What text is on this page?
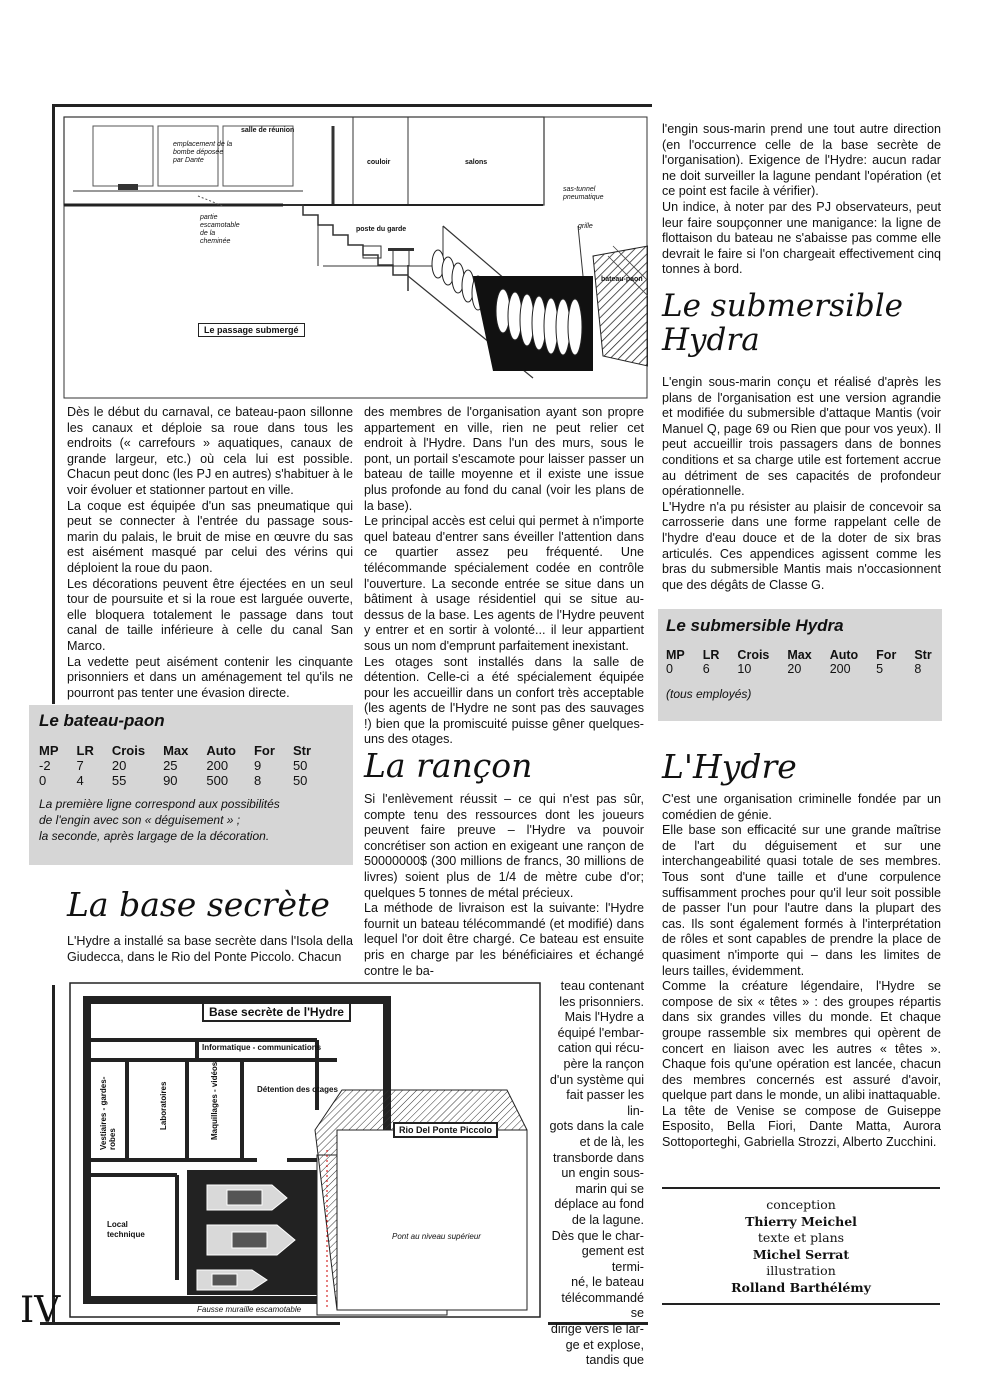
IV
salle de réunion
emplacement de la bombe déposée par Dante	couloir	salons
sas-tunnel pneumatique
partie escamotable de la cheminée
poste du garde	grille
bateau-paon
Le passage submergé

Dès le début du carnaval, ce bateau-paon sillonne les canaux et déploie sa roue dans tous les endroits (« carrefours » aquatiques, canaux de grande largeur, etc.) où cela lui est possible. Chacun peut donc (les PJ en autres) s'habituer à le voir évoluer et stationner partout en ville.

La coque est équipée d'un sas pneumatique qui peut se connecter à l'entrée du passage sous-marin du palais, le bruit de mise en œuvre du sas est aisément masqué par celui des vérins qui déploient la roue du paon.

Les décorations peuvent être éjectées en un seul tour de poursuite et si la roue est larguée ouverte, elle bloquera totalement le passage dans tout canal de taille inférieure à celle du canal San Marco.

La vedette peut aisément contenir les cinquante prisonniers et dans un aménagement tel qu'ils ne pourront pas tenter une évasion directe.

Le bateau-paon
MP	LR	Crois	Max	Auto	For	Str
-2	7	20	25	200	9	50
0	4	55	90	500	8	50

La première ligne correspond aux possibilités

de l'engin avec son « déguisement » ;

la seconde, après largage de la décoration.

La base secrète
L'Hydre a installé sa base secrète dans l'Isola della Giudecca, dans le Rio del Ponte Piccolo. Chacun

des membres de l'organisation ayant son propre appartement en ville, rien ne peut relier cet endroit à l'Hydre. Dans l'un des murs, sous le pont, un portail s'escamote pour laisser passer un bateau de taille moyenne et il existe une issue plus profonde au fond du canal (voir les plans de la base).

Le principal accès est celui qui permet à n'importe quel bateau d'entrer sans éveiller l'attention dans ce quartier assez peu fréquenté. Une télécommande spécialement codée en contrôle l'ouverture. La seconde entrée se situe dans un bâtiment à usage résidentiel qui se situe au-dessus de la base. Les agents de l'Hydre peuvent y entrer et en sortir à volonté... il leur appartient sous un nom d'emprunt parfaitement inexistant.

Les otages sont installés dans la salle de détention. Celle-ci a été spécialement équipée pour les accueillir dans un confort très acceptable (les agents de l'Hydre ne sont pas des sauvages !) bien que la promiscuité puisse gêner quelques-uns des otages.

La rançon

Si l'enlèvement réussit – ce qui n'est pas sûr, compte tenu des ressources dont les joueurs peuvent faire preuve – l'Hydre va pouvoir concrétiser son action en exigeant une rançon de 50000000$ (300 millions de francs, 30 millions de livres) soient plus de 1/4 de mètre cube d'or; quelques 5 tonnes de métal précieux.

La méthode de livraison est la suivante: l'Hydre fournit un bateau télécommandé (et modifié) dans lequel l'or doit être chargé. Ce bateau est ensuite pris en charge par les bénéficiaires et échangé contre le ba-

teau contenant
les prisonniers.
Mais l'Hydre a
équipé l'embar-
cation qui récu-
père la rançon
d'un système qui
fait passer les lin-
gots dans la cale
et de là, les
transborde dans
un engin sous-
marin qui se
déplace au fond
de la lagune.
Dès que le char-
gement est termi-
né, le bateau
télécommandé se
dirige vers le lar-
ge et explose,
tandis que
Base secrète de l'Hydre
Informatique - communications
Vestiaires - gardes-robes
Laboratoires	Maquillages - vidéos	Détention des otages
Rio Del Ponte Piccolo
Local technique	Pont au niveau supérieur
Fausse muraille escamotable

l'engin sous-marin prend une tout autre direction (en l'occurrence celle de la base secrète de l'organisation). Exigence de l'Hydre: aucun radar ne doit surveiller la lagune pendant l'opération (et ce point est facile à vérifier).

Un indice, à noter par des PJ observateurs, peut leur faire soupçonner une manigance: la ligne de flottaison du bateau ne s'abaisse pas comme elle devrait le faire si l'on chargeait effectivement cinq tonnes à bord.

Le submersible
Hydra

L'engin sous-marin conçu et réalisé d'après les plans de l'organisation est une version agrandie et modifiée du submersible d'attaque Mantis (voir Manuel Q, page 69 ou Rien que pour vos yeux). Il peut accueillir trois passagers dans de bonnes conditions et sa charge utile est fortement accrue au détriment de ses capacités de profondeur opérationnelle.

L'Hydre n'a pu résister au plaisir de concevoir sa carrosserie dans une forme rappelant celle de l'hydre d'eau douce et de la doter de six bras articulés. Ces appendices agissent comme les bras du submersible Mantis mais n'occasionnent que des dégâts de Classe G.

Le submersible Hydra
MP	LR	Crois	Max	Auto	For	Str
0	6	10	20	200	5	8

(tous employés)

L'Hydre

C'est une organisation criminelle fondée par un comédien de génie.

Elle base son efficacité sur une grande maîtrise de l'art du déguisement et sur une interchangeabilité quasi totale de ses membres. Tous sont d'une taille et d'une corpulence suffisamment proches pour qu'il leur soit possible de passer l'un pour l'autre dans la plupart des cas. Ils sont également formés à l'interprétation de rôles et sont capables de prendre la place de quasiment n'importe qui – dans les limites de leurs tailles, évidemment.

Comme la créature légendaire, l'Hydre se compose de six « têtes » : des groupes répartis dans six grandes villes du monde. Et chaque groupe rassemble six membres qui opèrent de concert en liaison avec les autres « têtes ». Chaque fois qu'une opération est lancée, chacun des membres concernés est assuré d'avoir, quelque part dans le monde, un alibi inattaquable.

La tête de Venise se compose de Guiseppe Esposito, Bella Fiori, Dante Matta, Aurora Sottoportеghi, Gabriella Strozzi, Alberto Zucchini.

conception
Thierry Meichel
texte et plans
Michel Serrat
illustration
Rolland Barthélémy
